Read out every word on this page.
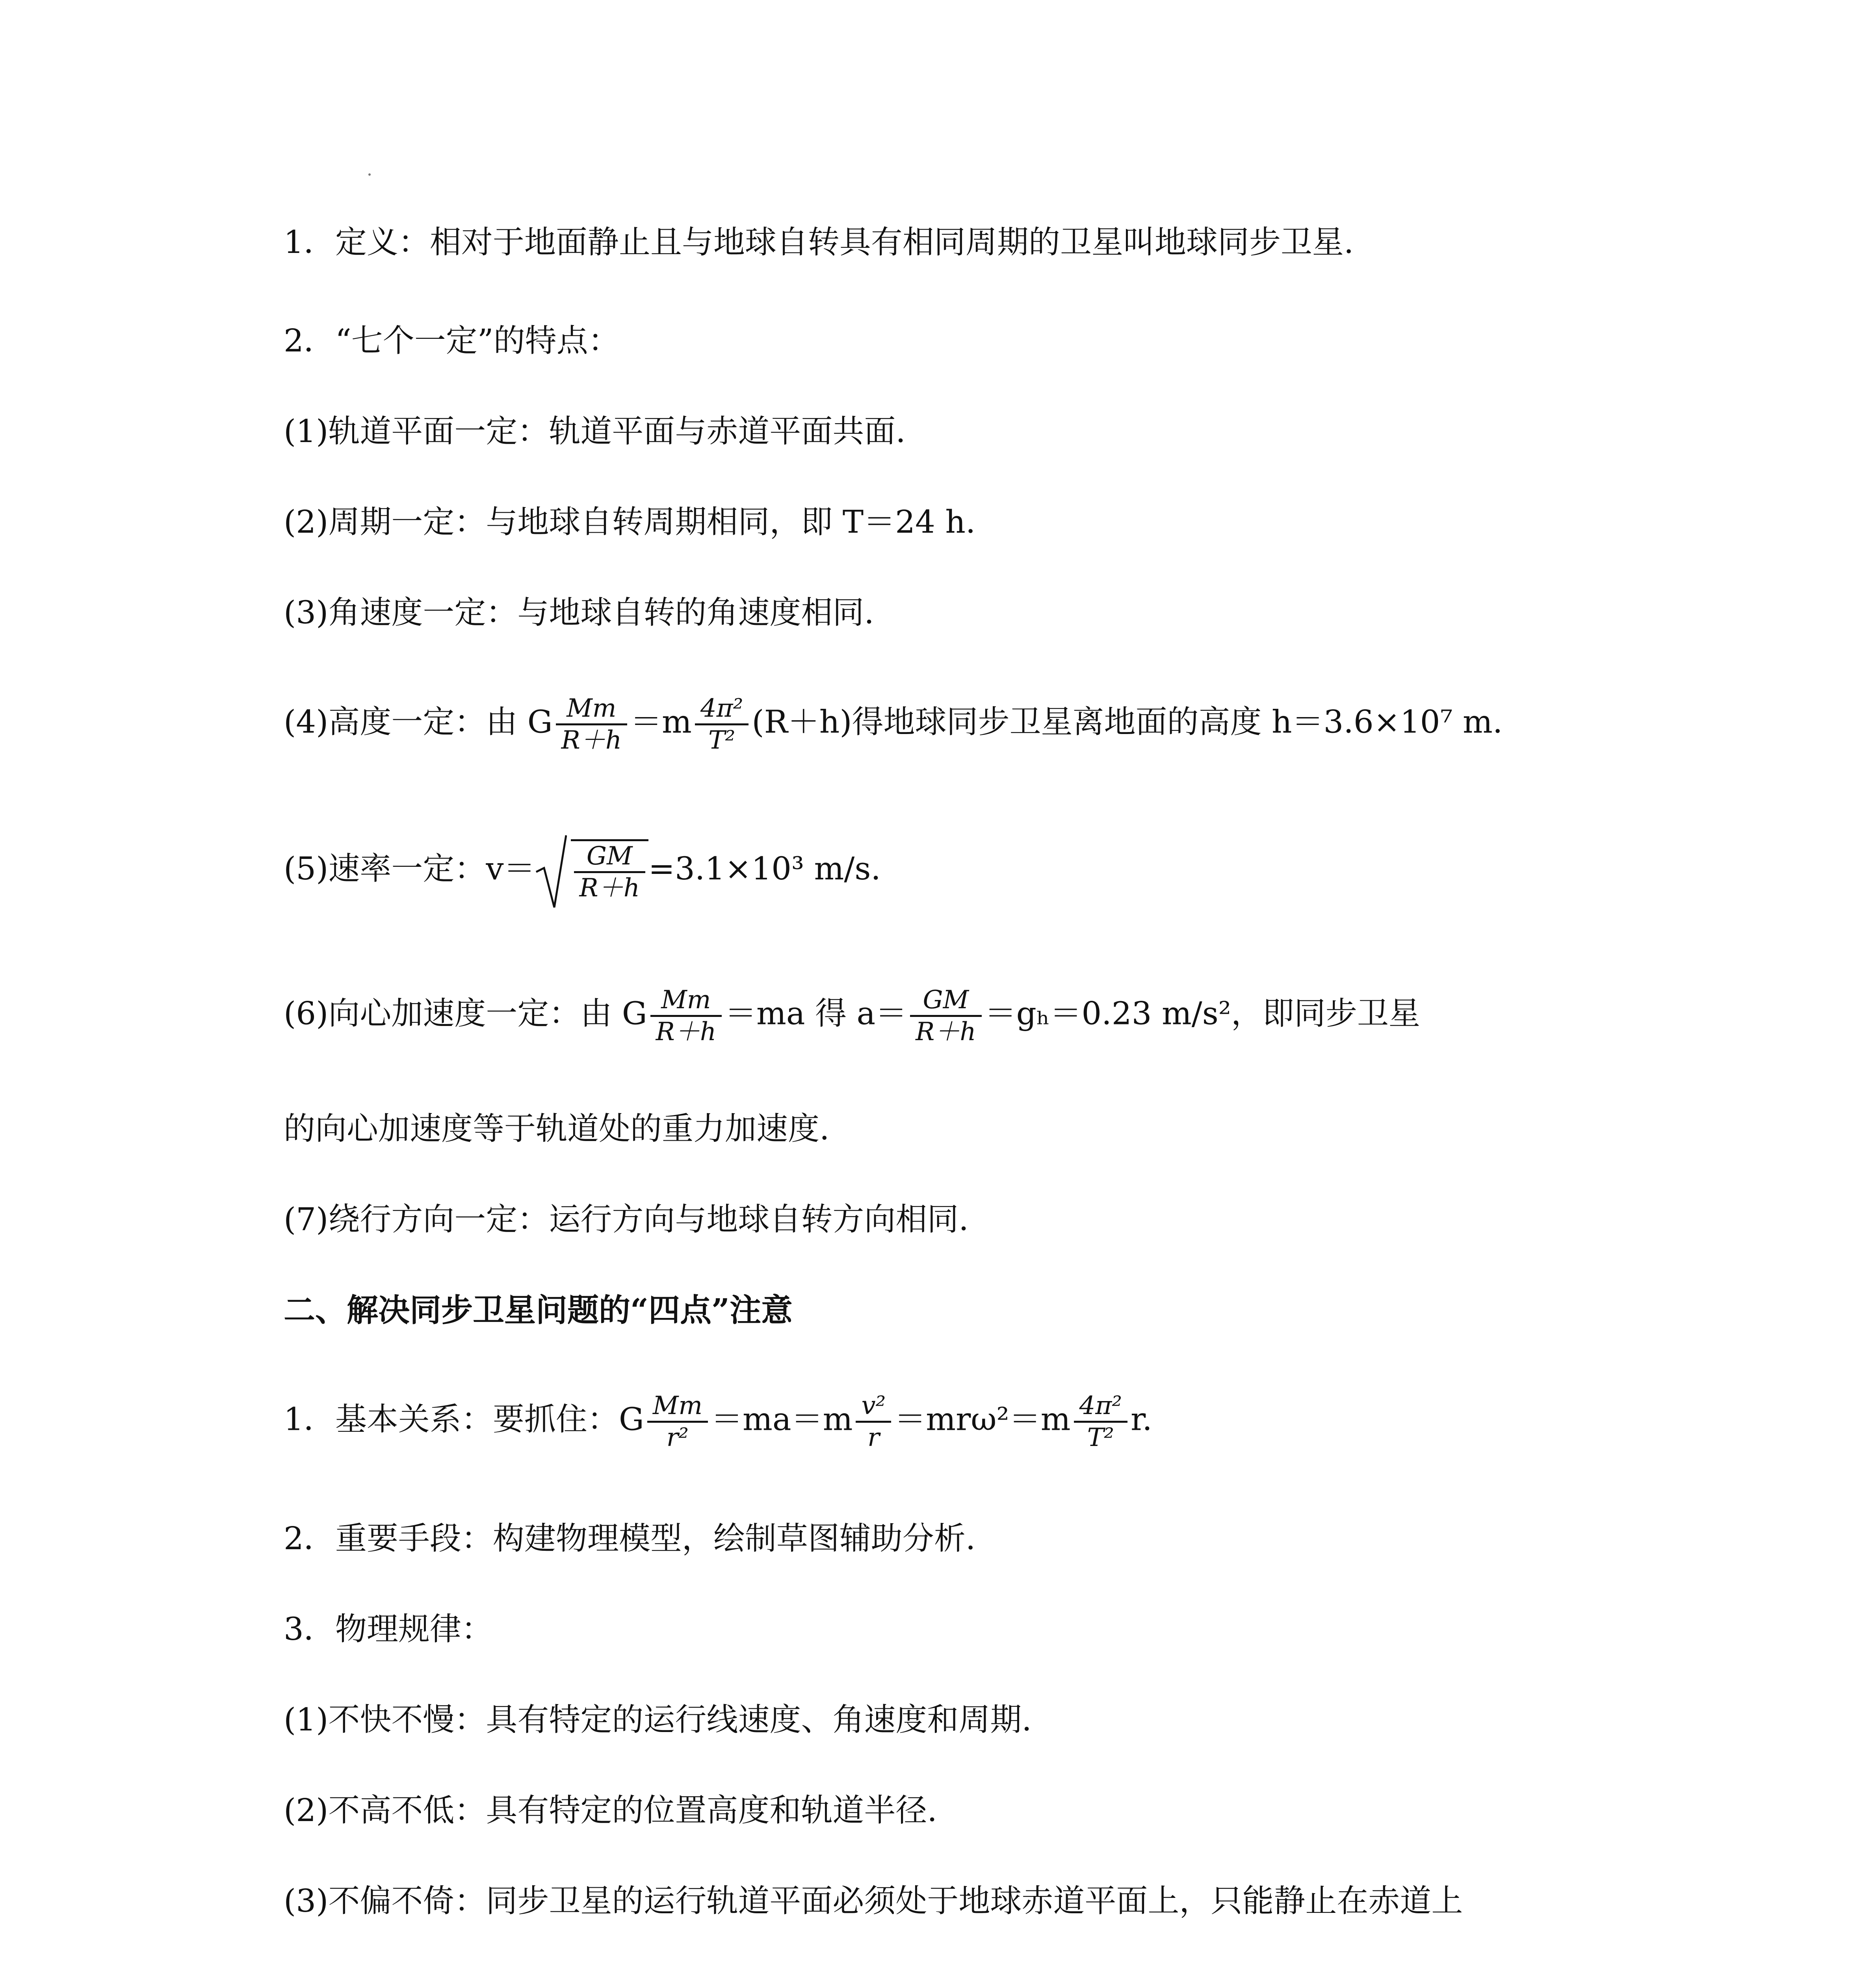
1．定义：相对于地面静止且与地球自转具有相同周期的卫星叫地球同步卫星.
2．“七个一定”的特点：
(1)轨道平面一定：轨道平面与赤道平面共面.
(2)周期一定：与地球自转周期相同，即 T＝24 h.
(3)角速度一定：与地球自转的角速度相同.
(4)高度一定：由 G $\frac{Mm}{R+h} =m \frac{\text{4π²}}{\text{T²}} (R+h)$得地球同步卫星离地面的高度 h＝3.6×10⁷ m.
(5)速率一定：$v= \frac{GM}{R+h} =3.1\times 10^3$ m/s.
(6)向心加速度一定：由 G $\frac{Mm}{R+h} =ma$ 得 $a= \frac{GM}{R+h} =g_h=0.23$ m/s²，即同步卫星
的向心加速度等于轨道处的重力加速度.
(7)绕行方向一定：运行方向与地球自转方向相同.
二、解决同步卫星问题的“四点”注意
1．基本关系：要抓住：G $\frac{Mm}{\text{r²}} =ma=m \frac{\text{v²}}{r} =mr\omega^2=m \frac{\text{4π²}}{\text{T²}} r$.
2．重要手段：构建物理模型，绘制草图辅助分析.
3．物理规律：
(1)不快不慢：具有特定的运行线速度、角速度和周期.
(2)不高不低：具有特定的位置高度和轨道半径.
(3)不偏不倚：同步卫星的运行轨道平面必须处于地球赤道平面上，只能静止在赤道上
